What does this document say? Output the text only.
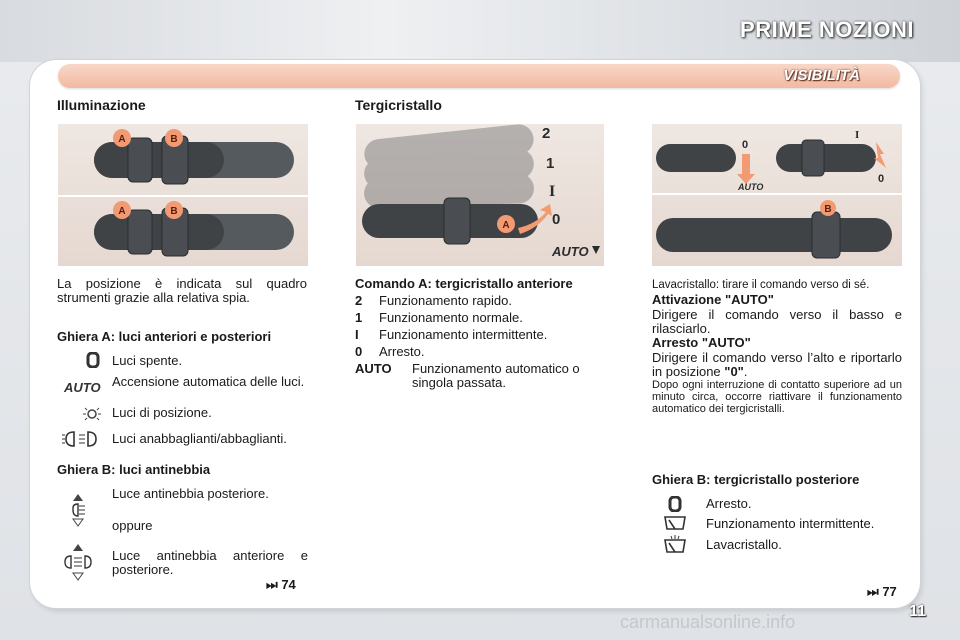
PRIME NOZIONI
VISIBILITÀ
Illuminazione
A	B
A	B
La posizione è indicata sul quadro strumenti grazie alla relativa spia.
Ghiera A: luci anteriori e posteriori
Luci spente.
AUTO Accensione automatica delle luci.
Luci di posizione.
Luci anabbaglianti/abbaglianti.
Ghiera B: luci antinebbia
Luce antinebbia posteriore.
oppure
Luce antinebbia anteriore e posteriore.
⏭ 74
Tergicristallo
A
2
1
I
0
AUTO
Comando A: tergicristallo anteriore
2 Funzionamento rapido.
1 Funzionamento normale.
I Funzionamento intermittente.
0 Arresto.
AUTO Funzionamento automatico o singola passata.
0
AUTO
I
0
B
Lavacristallo: tirare il comando verso di sé.
Attivazione "AUTO"
Dirigere il comando verso il basso e rilasciarlo.
Arresto "AUTO"
Dirigere il comando verso l’alto e riportarlo in posizione "0".
Dopo ogni interruzione di contatto superiore ad un minuto circa, occorre riattivare il funzionamento automatico dei tergicristalli.
Ghiera B: tergicristallo posteriore
Arresto.
Funzionamento intermittente.
Lavacristallo.
⏭ 77
carmanualsonline.info
11
